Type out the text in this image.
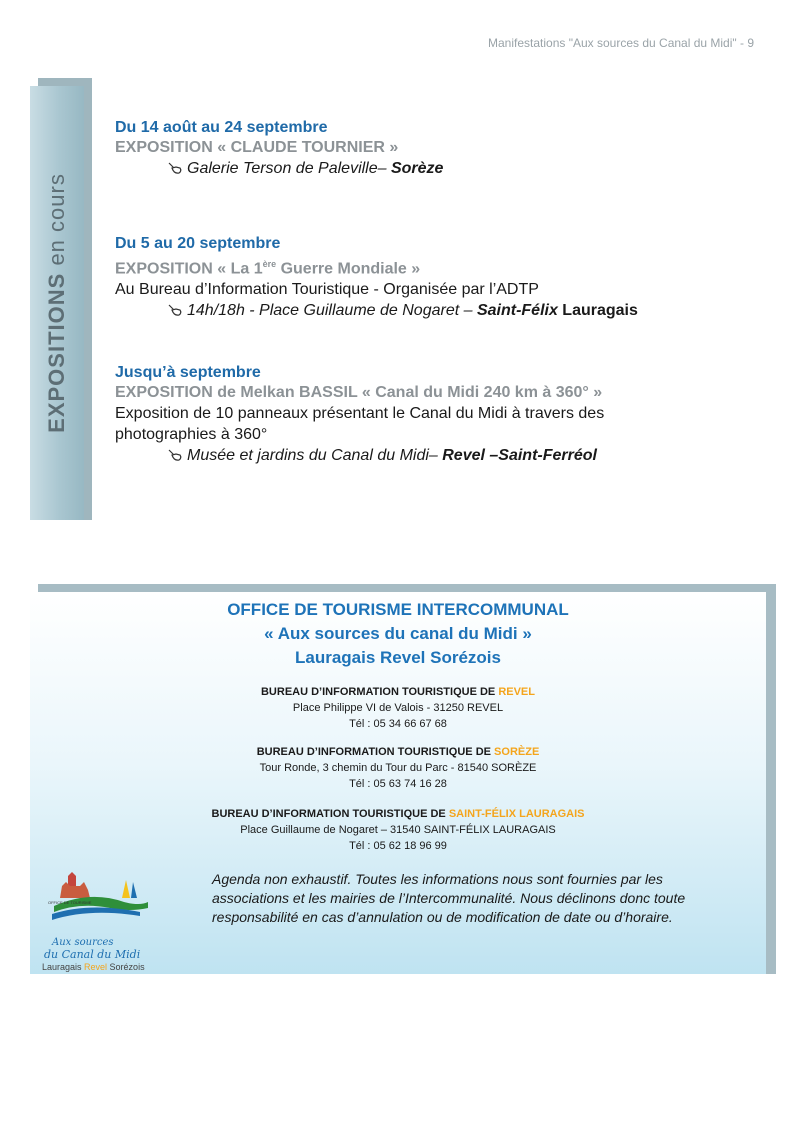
Manifestations "Aux sources du Canal du Midi" - 9
EXPOSITIONS en cours
Du 14 août au 24 septembre
EXPOSITION « CLAUDE TOURNIER »
Galerie Terson de Paleville– Sorèze
Du 5 au 20 septembre
EXPOSITION « La 1ère Guerre Mondiale »
Au Bureau d’Information Touristique - Organisée par l’ADTP
14h/18h - Place Guillaume de Nogaret – Saint-Félix Lauragais
Jusqu’à septembre
EXPOSITION de Melkan BASSIL « Canal du Midi 240 km à 360° »
Exposition de 10 panneaux présentant le Canal du Midi à travers des
photographies à 360°
Musée et jardins du Canal du Midi– Revel –Saint-Ferréol
OFFICE DE TOURISME INTERCOMMUNAL
« Aux sources du canal du Midi »
Lauragais Revel Sorézois
BUREAU D’INFORMATION TOURISTIQUE DE REVEL
Place Philippe VI de Valois - 31250 REVEL
Tél : 05 34 66 67 68
BUREAU D’INFORMATION TOURISTIQUE DE SORÈZE
Tour Ronde, 3 chemin du Tour du Parc - 81540 SORÈZE
Tél : 05 63 74 16 28
BUREAU D’INFORMATION TOURISTIQUE DE SAINT-FÉLIX LAURAGAIS
Place Guillaume de Nogaret – 31540 SAINT-FÉLIX LAURAGAIS
Tél : 05 62 18 96 99
Agenda non exhaustif. Toutes les informations nous sont fournies par les associations et les mairies de l’Intercommunalité. Nous déclinons donc toute responsabilité en cas d’annulation ou de modification de date ou d’horaire.
OFFICE DE TOURISME
Aux sources
du Canal du Midi
Lauragais Revel Sorézois
